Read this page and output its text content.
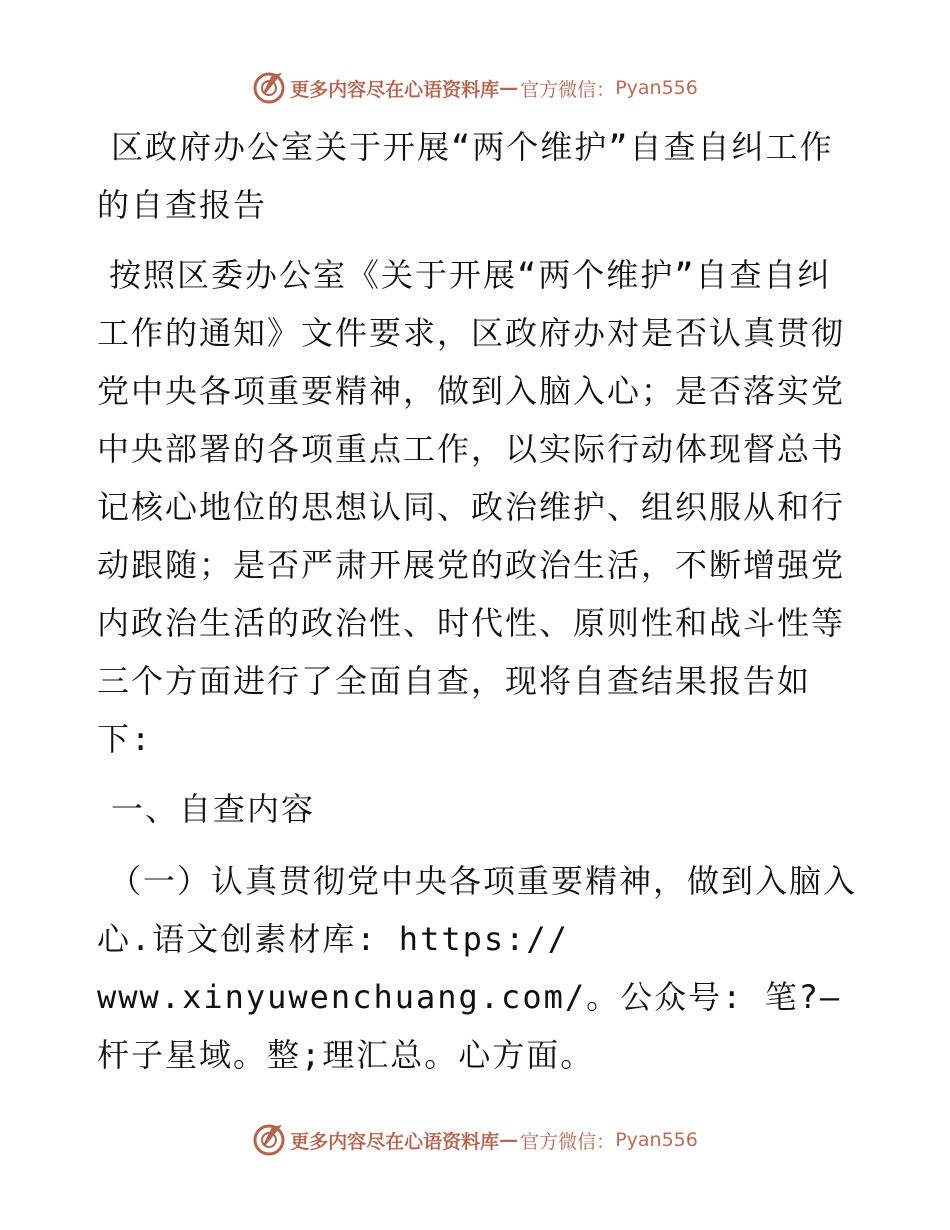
更多内容尽在心语资料库 — 官方微信： Pyan556

区政府办公室关于开展“两个维护”自查自纠工作的自查报告

按照区委办公室《关于开展“两个维护”自查自纠工作的通知》文件要求，区政府办对是否认真贯彻党中央各项重要精神，做到入脑入心；是否落实党中央部署的各项重点工作，以实际行动体现督总书记核心地位的思想认同、政治维护、组织服从和行动跟随；是否严肃开展党的政治生活，不断增强党内政治生活的政治性、时代性、原则性和战斗性等三个方面进行了全面自查，现将自查结果报告如下:

一、自查内容

（一）认真贯彻党中央各项重要精神，做到入脑入心.语文创素材库: https://

www.xinyuwenchuang.com/。公众号: 笔?—杆子星域。整;理汇总。心方面。

更多内容尽在心语资料库 — 官方微信： Pyan556
